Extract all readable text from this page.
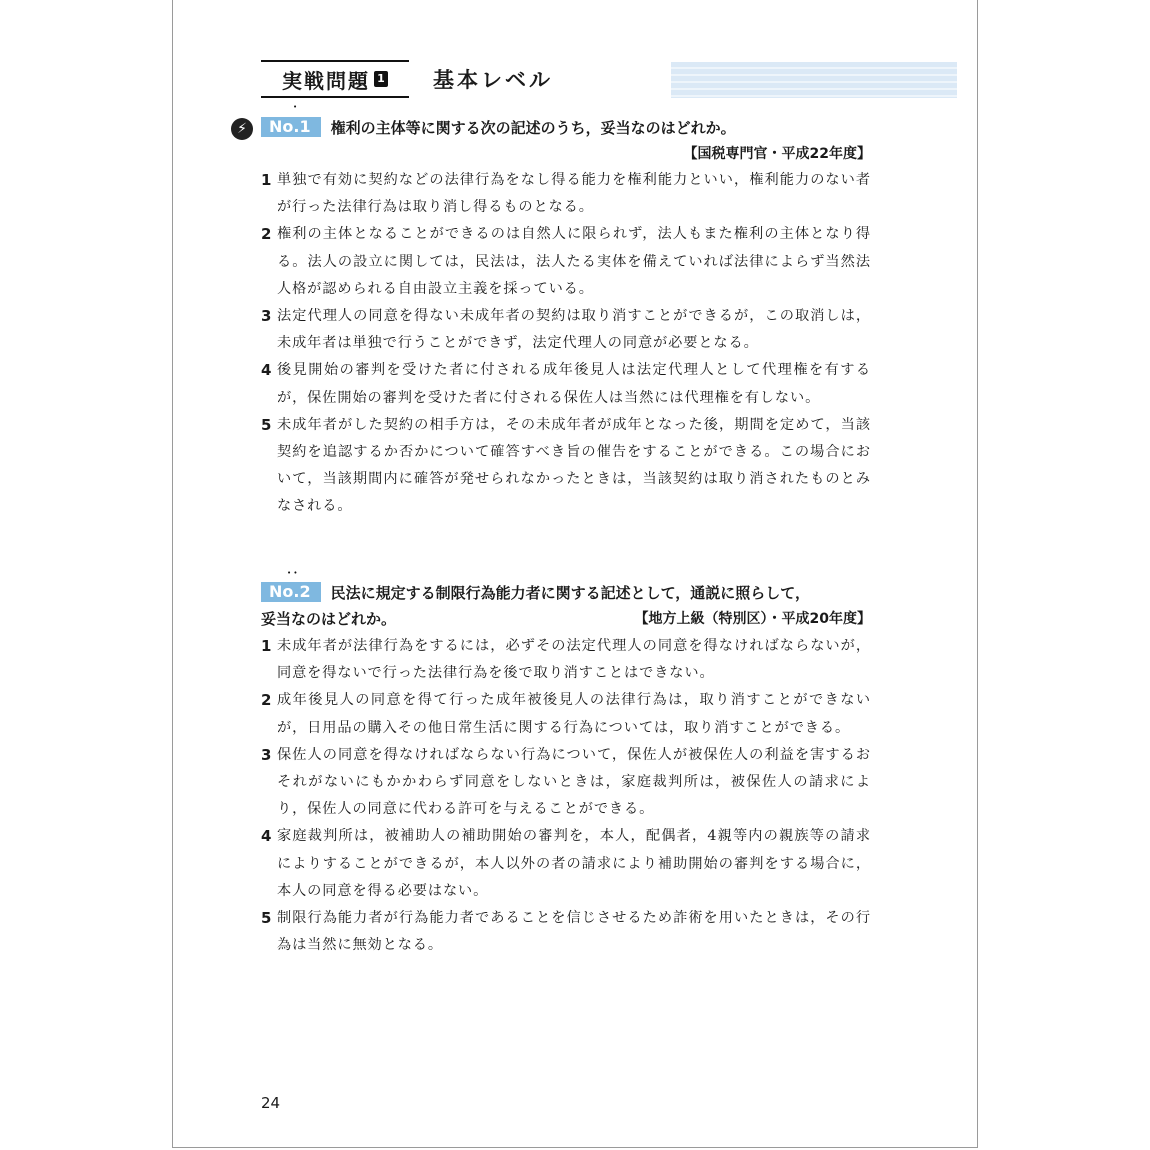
実戦問題 1 基本レベル
•
⚡	No.1 権利の主体等に関する次の記述のうち，妥当なのはどれか。
【国税専門官・平成22年度】
1 単独で有効に契約などの法律行為をなし得る能力を権利能力といい，権利能力のない者が行った法律行為は取り消し得るものとなる。
2 権利の主体となることができるのは自然人に限られず，法人もまた権利の主体となり得る。法人の設立に関しては，民法は，法人たる実体を備えていれば法律によらず当然法人格が認められる自由設立主義を採っている。
3 法定代理人の同意を得ない未成年者の契約は取り消すことができるが，この取消しは，未成年者は単独で行うことができず，法定代理人の同意が必要となる。
4 後見開始の審判を受けた者に付される成年後見人は法定代理人として代理権を有するが，保佐開始の審判を受けた者に付される保佐人は当然には代理権を有しない。
5 未成年者がした契約の相手方は，その未成年者が成年となった後，期間を定めて，当該契約を追認するか否かについて確答すべき旨の催告をすることができる。この場合において，当該期間内に確答が発せられなかったときは，当該契約は取り消されたものとみなされる。
• •
No.2 民法に規定する制限行為能力者に関する記述として，通説に照らして，
妥当なのはどれか。	【地方上級（特別区）・平成20年度】
1 未成年者が法律行為をするには，必ずその法定代理人の同意を得なければならないが，同意を得ないで行った法律行為を後で取り消すことはできない。
2 成年後見人の同意を得て行った成年被後見人の法律行為は，取り消すことができないが，日用品の購入その他日常生活に関する行為については，取り消すことができる。
3 保佐人の同意を得なければならない行為について，保佐人が被保佐人の利益を害するおそれがないにもかかわらず同意をしないときは，家庭裁判所は，被保佐人の請求により，保佐人の同意に代わる許可を与えることができる。
4 家庭裁判所は，被補助人の補助開始の審判を，本人，配偶者，4親等内の親族等の請求によりすることができるが，本人以外の者の請求により補助開始の審判をする場合に，本人の同意を得る必要はない。
5 制限行為能力者が行為能力者であることを信じさせるため詐術を用いたときは，その行為は当然に無効となる。
24
